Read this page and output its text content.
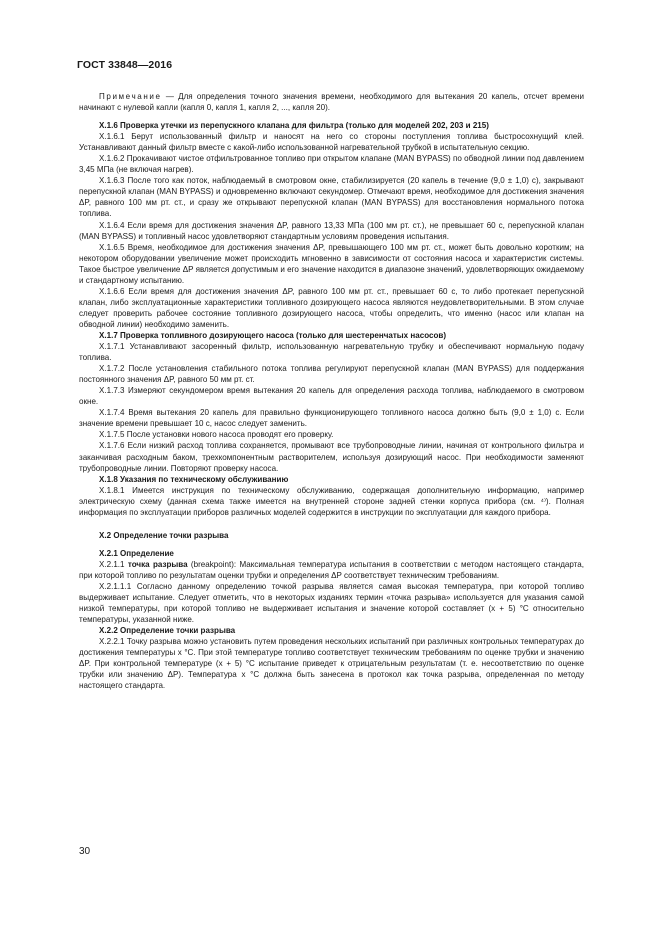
ГОСТ 33848—2016

Примечание — Для определения точного значения времени, необходимого для вытекания 20 капель, отсчет времени начинают с нулевой капли (капля 0, капля 1, капля 2, ..., капля 20).

X.1.6 Проверка утечки из перепускного клапана для фильтра (только для моделей 202, 203 и 215)

X.1.6.1 Берут использованный фильтр и наносят на него со стороны поступления топлива быстросохнущий клей. Устанавливают данный фильтр вместе с какой-либо использованной нагревательной трубкой в испытательную секцию.

X.1.6.2 Прокачивают чистое отфильтрованное топливо при открытом клапане (MAN BYPASS) по обводной линии под давлением 3,45 МПа (не включая нагрев).

X.1.6.3 После того как поток, наблюдаемый в смотровом окне, стабилизируется (20 капель в течение (9,0 ± 1,0) с), закрывают перепускной клапан (MAN BYPASS) и одновременно включают секундомер. Отмечают время, необходимое для достижения значения ΔP, равного 100 мм рт. ст., и сразу же открывают перепускной клапан (MAN BYPASS) для восстановления нормального потока топлива.

X.1.6.4 Если время для достижения значения ΔP, равного 13,33 МПа (100 мм рт. ст.), не превышает 60 с, перепускной клапан (MAN BYPASS) и топливный насос удовлетворяют стандартным условиям проведения испытания.

X.1.6.5 Время, необходимое для достижения значения ΔP, превышающего 100 мм рт. ст., может быть довольно коротким; на некотором оборудовании увеличение может происходить мгновенно в зависимости от состояния насоса и характеристик системы. Такое быстрое увеличение ΔP является допустимым и его значение находится в диапазоне значений, удовлетворяющих ожидаемому и стандартному испытанию.

X.1.6.6 Если время для достижения значения ΔP, равного 100 мм рт. ст., превышает 60 с, то либо протекает перепускной клапан, либо эксплуатационные характеристики топливного дозирующего насоса являются неудовлетворительными. В этом случае следует проверить рабочее состояние топливного дозирующего насоса, чтобы определить, что именно (насос или клапан на обводной линии) необходимо заменить.

X.1.7 Проверка топливного дозирующего насоса (только для шестеренчатых насосов)

X.1.7.1 Устанавливают засоренный фильтр, использованную нагревательную трубку и обеспечивают нормальную подачу топлива.

X.1.7.2 После установления стабильного потока топлива регулируют перепускной клапан (MAN BYPASS) для поддержания постоянного значения ΔP, равного 50 мм рт. ст.

X.1.7.3 Измеряют секундомером время вытекания 20 капель для определения расхода топлива, наблюдаемого в смотровом окне.

X.1.7.4 Время вытекания 20 капель для правильно функционирующего топливного насоса должно быть (9,0 ± 1,0) с. Если значение времени превышает 10 с, насос следует заменить.

X.1.7.5 После установки нового насоса проводят его проверку.

X.1.7.6 Если низкий расход топлива сохраняется, промывают все трубопроводные линии, начиная от контрольного фильтра и заканчивая расходным баком, трехкомпонентным растворителем, используя дозирующий насос. При необходимости заменяют трубопроводные линии. Повторяют проверку насоса.

X.1.8 Указания по техническому обслуживанию

X.1.8.1 Имеется инструкция по техническому обслуживанию, содержащая дополнительную информацию, например электрическую схему (данная схема также имеется на внутренней стороне задней стенки корпуса прибора (см. ⁴⁾). Полная информация по эксплуатации приборов различных моделей содержится в инструкции по эксплуатации для каждого прибора.

X.2 Определение точки разрыва

X.2.1 Определение

X.2.1.1 точка разрыва (breakpoint): Максимальная температура испытания в соответствии с методом настоящего стандарта, при которой топливо по результатам оценки трубки и определения ΔP соответствует техническим требованиям.

X.2.1.1.1 Согласно данному определению точкой разрыва является самая высокая температура, при которой топливо выдерживает испытание. Следует отметить, что в некоторых изданиях термин «точка разрыва» используется для указания самой низкой температуры, при которой топливо не выдерживает испытания и значение которой составляет (x + 5) °С относительно температуры, указанной ниже.

X.2.2 Определение точки разрыва

X.2.2.1 Точку разрыва можно установить путем проведения нескольких испытаний при различных контрольных температурах до достижения температуры x °С. При этой температуре топливо соответствует техническим требованиям по оценке трубки и значению ΔP. При контрольной температуре (x + 5) °С испытание приведет к отрицательным результатам (т. е. несоответствию по оценке трубки или значению ΔP). Температура x °С должна быть занесена в протокол как точка разрыва, определенная по методу настоящего стандарта.

30
